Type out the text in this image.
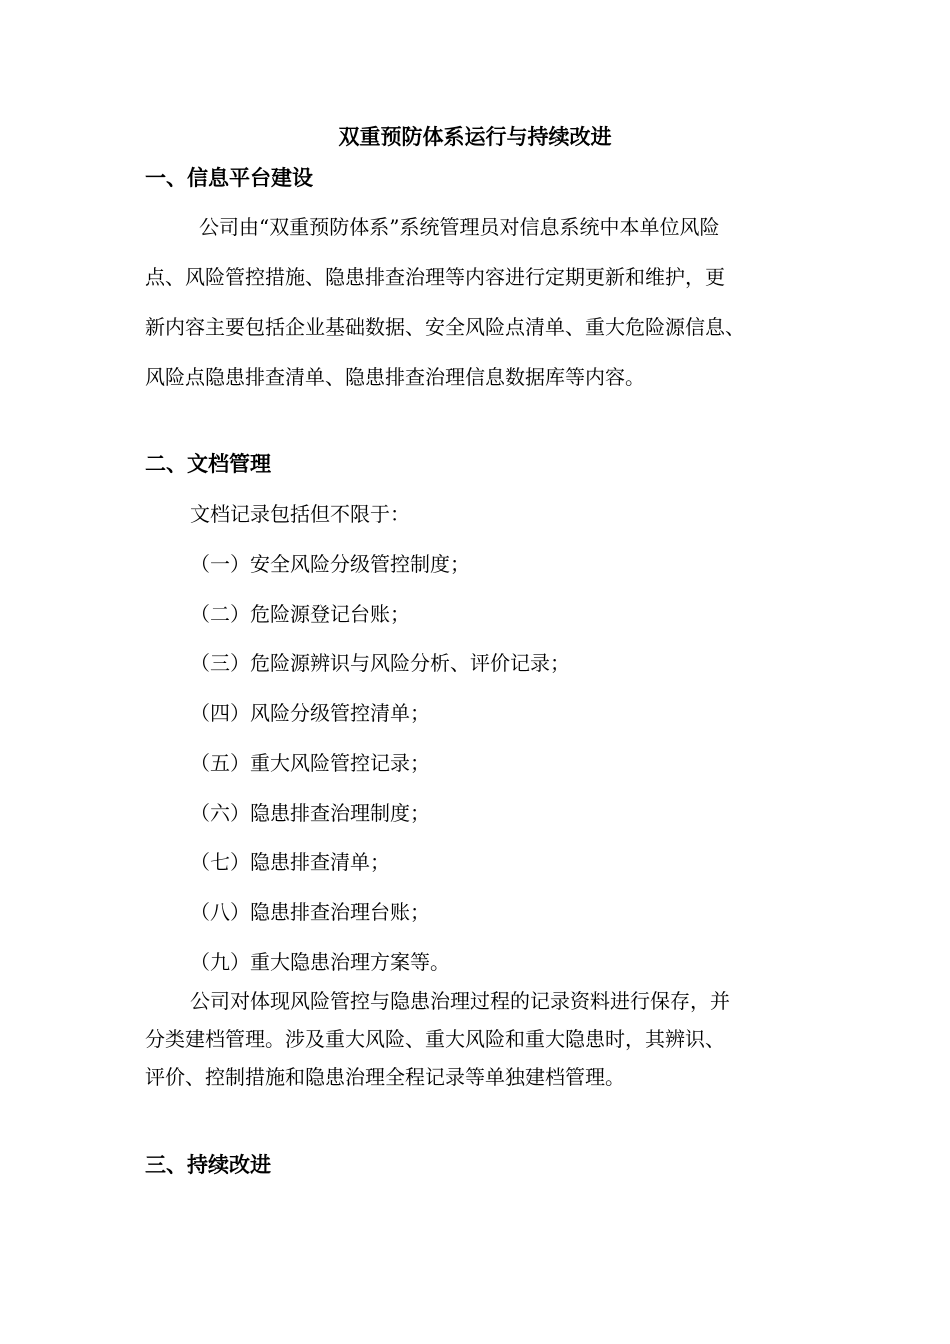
双重预防体系运行与持续改进
一、信息平台建设
公司由“双重预防体系”系统管理员对信息系统中本单位风险
点、风险管控措施、隐患排查治理等内容进行定期更新和维护，更
新内容主要包括企业基础数据、安全风险点清单、重大危险源信息、
风险点隐患排查清单、隐患排查治理信息数据库等内容。
二、文档管理
文档记录包括但不限于：
（一）安全风险分级管控制度；
（二）危险源登记台账；
（三）危险源辨识与风险分析、评价记录；
（四）风险分级管控清单；
（五）重大风险管控记录；
（六）隐患排查治理制度；
（七）隐患排查清单；
（八）隐患排查治理台账；
（九）重大隐患治理方案等。
公司对体现风险管控与隐患治理过程的记录资料进行保存，并
分类建档管理。涉及重大风险、重大风险和重大隐患时，其辨识、
评价、控制措施和隐患治理全程记录等单独建档管理。
三、持续改进
